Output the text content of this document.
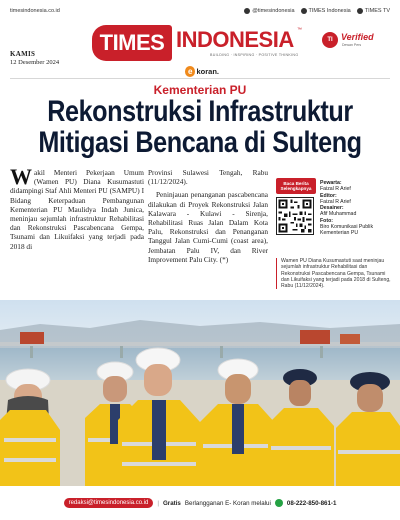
timesindonesia.co.id	@timesindonesia	TIMES Indonesia	TIMES TV
KAMIS
12 Desember 2024
TIMES INDONESIA ™
BUILDING · INSPIRING · POSITIVE THINKING
e koran.
TI Verified
Dewan Pers
Kementerian PU
Rekonstruksi Infrastruktur
Mitigasi Bencana di Sulteng

Wakil Menteri Pekerjaan Umum (Wamen PU) Diana Kusumastuti didampingi Staf Ahli Menteri PU (SAMPU) I Bidang Keterpaduan Pembangunan Kementerian PU Maulidya Indah Junica, meninjau sejumlah infrastruktur Rehabilitasi dan Rekonstruksi Pascabencana Gempa, Tsunami dan Likuifaksi yang terjadi pada 2018 di

Provinsi Sulawesi Tengah, Rabu (11/12/2024).

Peninjauan penanganan pascabencana dilakukan di Proyek Rekonstruksi Jalan Kalawara - Kulawi - Sirenja, Rehabilitasi Ruas Jalan Dalam Kota Palu, Rekonstruksi dan Penanganan Tanggul Jalan Cumi-Cumi (coast area), Jembatan Palu IV, dan River Improvement Palu City. (*)

Baca Berita Selengkapnya
Pewarta:
Faizal R Arief
Editor:
Faizal R Arief
Desainer:
Afif Muhammad
Foto:
Biro Komunikasi Publik Kementerian PU
Wamen PU Diana Kusumastuti saat meninjau sejumlah infrastruktur Rehabilitasi dan Rekonstruksi Pascabencana Gempa, Tsunami dan Likuifaksi yang terjadi pada 2018 di Sulteng, Rabu (11/12/2024).
redaksi@timesindonesia.co.id	| Gratis Berlangganan E- Koran melalui	08-222-850-861-1
